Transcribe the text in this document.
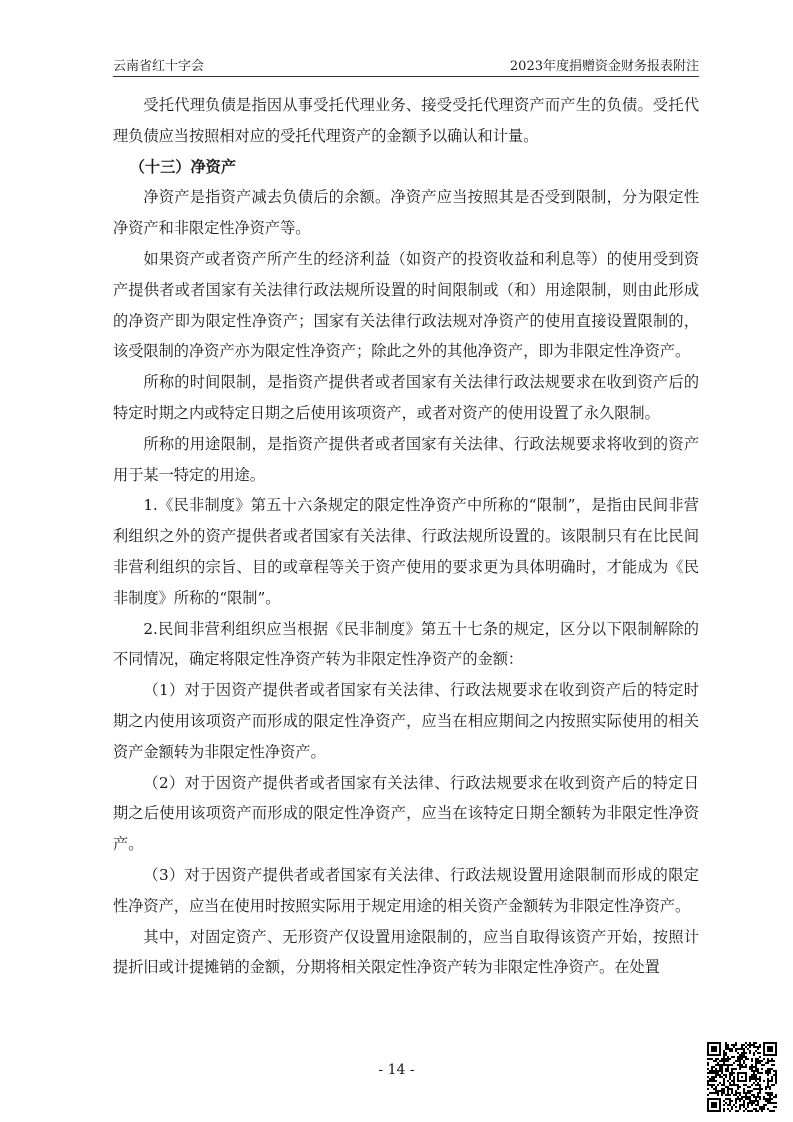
云南省红十字会	2023年度捐赠资金财务报表附注

受托代理负债是指因从事受托代理业务、接受受托代理资产而产生的负债。受托代理负债应当按照相对应的受托代理资产的金额予以确认和计量。

（十三）净资产

净资产是指资产减去负债后的余额。净资产应当按照其是否受到限制，分为限定性净资产和非限定性净资产等。

如果资产或者资产所产生的经济利益（如资产的投资收益和利息等）的使用受到资产提供者或者国家有关法律行政法规所设置的时间限制或（和）用途限制，则由此形成的净资产即为限定性净资产；国家有关法律行政法规对净资产的使用直接设置限制的，该受限制的净资产亦为限定性净资产；除此之外的其他净资产，即为非限定性净资产。

所称的时间限制，是指资产提供者或者国家有关法律行政法规要求在收到资产后的特定时期之内或特定日期之后使用该项资产，或者对资产的使用设置了永久限制。

所称的用途限制，是指资产提供者或者国家有关法律、行政法规要求将收到的资产用于某一特定的用途。

1.《民非制度》第五十六条规定的限定性净资产中所称的“限制”，是指由民间非营利组织之外的资产提供者或者国家有关法律、行政法规所设置的。该限制只有在比民间非营利组织的宗旨、目的或章程等关于资产使用的要求更为具体明确时，才能成为《民非制度》所称的“限制”。

2.民间非营利组织应当根据《民非制度》第五十七条的规定，区分以下限制解除的不同情况，确定将限定性净资产转为非限定性净资产的金额：

（1）对于因资产提供者或者国家有关法律、行政法规要求在收到资产后的特定时期之内使用该项资产而形成的限定性净资产，应当在相应期间之内按照实际使用的相关资产金额转为非限定性净资产。

（2）对于因资产提供者或者国家有关法律、行政法规要求在收到资产后的特定日期之后使用该项资产而形成的限定性净资产，应当在该特定日期全额转为非限定性净资产。

（3）对于因资产提供者或者国家有关法律、行政法规设置用途限制而形成的限定性净资产，应当在使用时按照实际用于规定用途的相关资产金额转为非限定性净资产。

其中，对固定资产、无形资产仅设置用途限制的，应当自取得该资产开始，按照计提折旧或计提摊销的金额，分期将相关限定性净资产转为非限定性净资产。在处置

- 14 -
